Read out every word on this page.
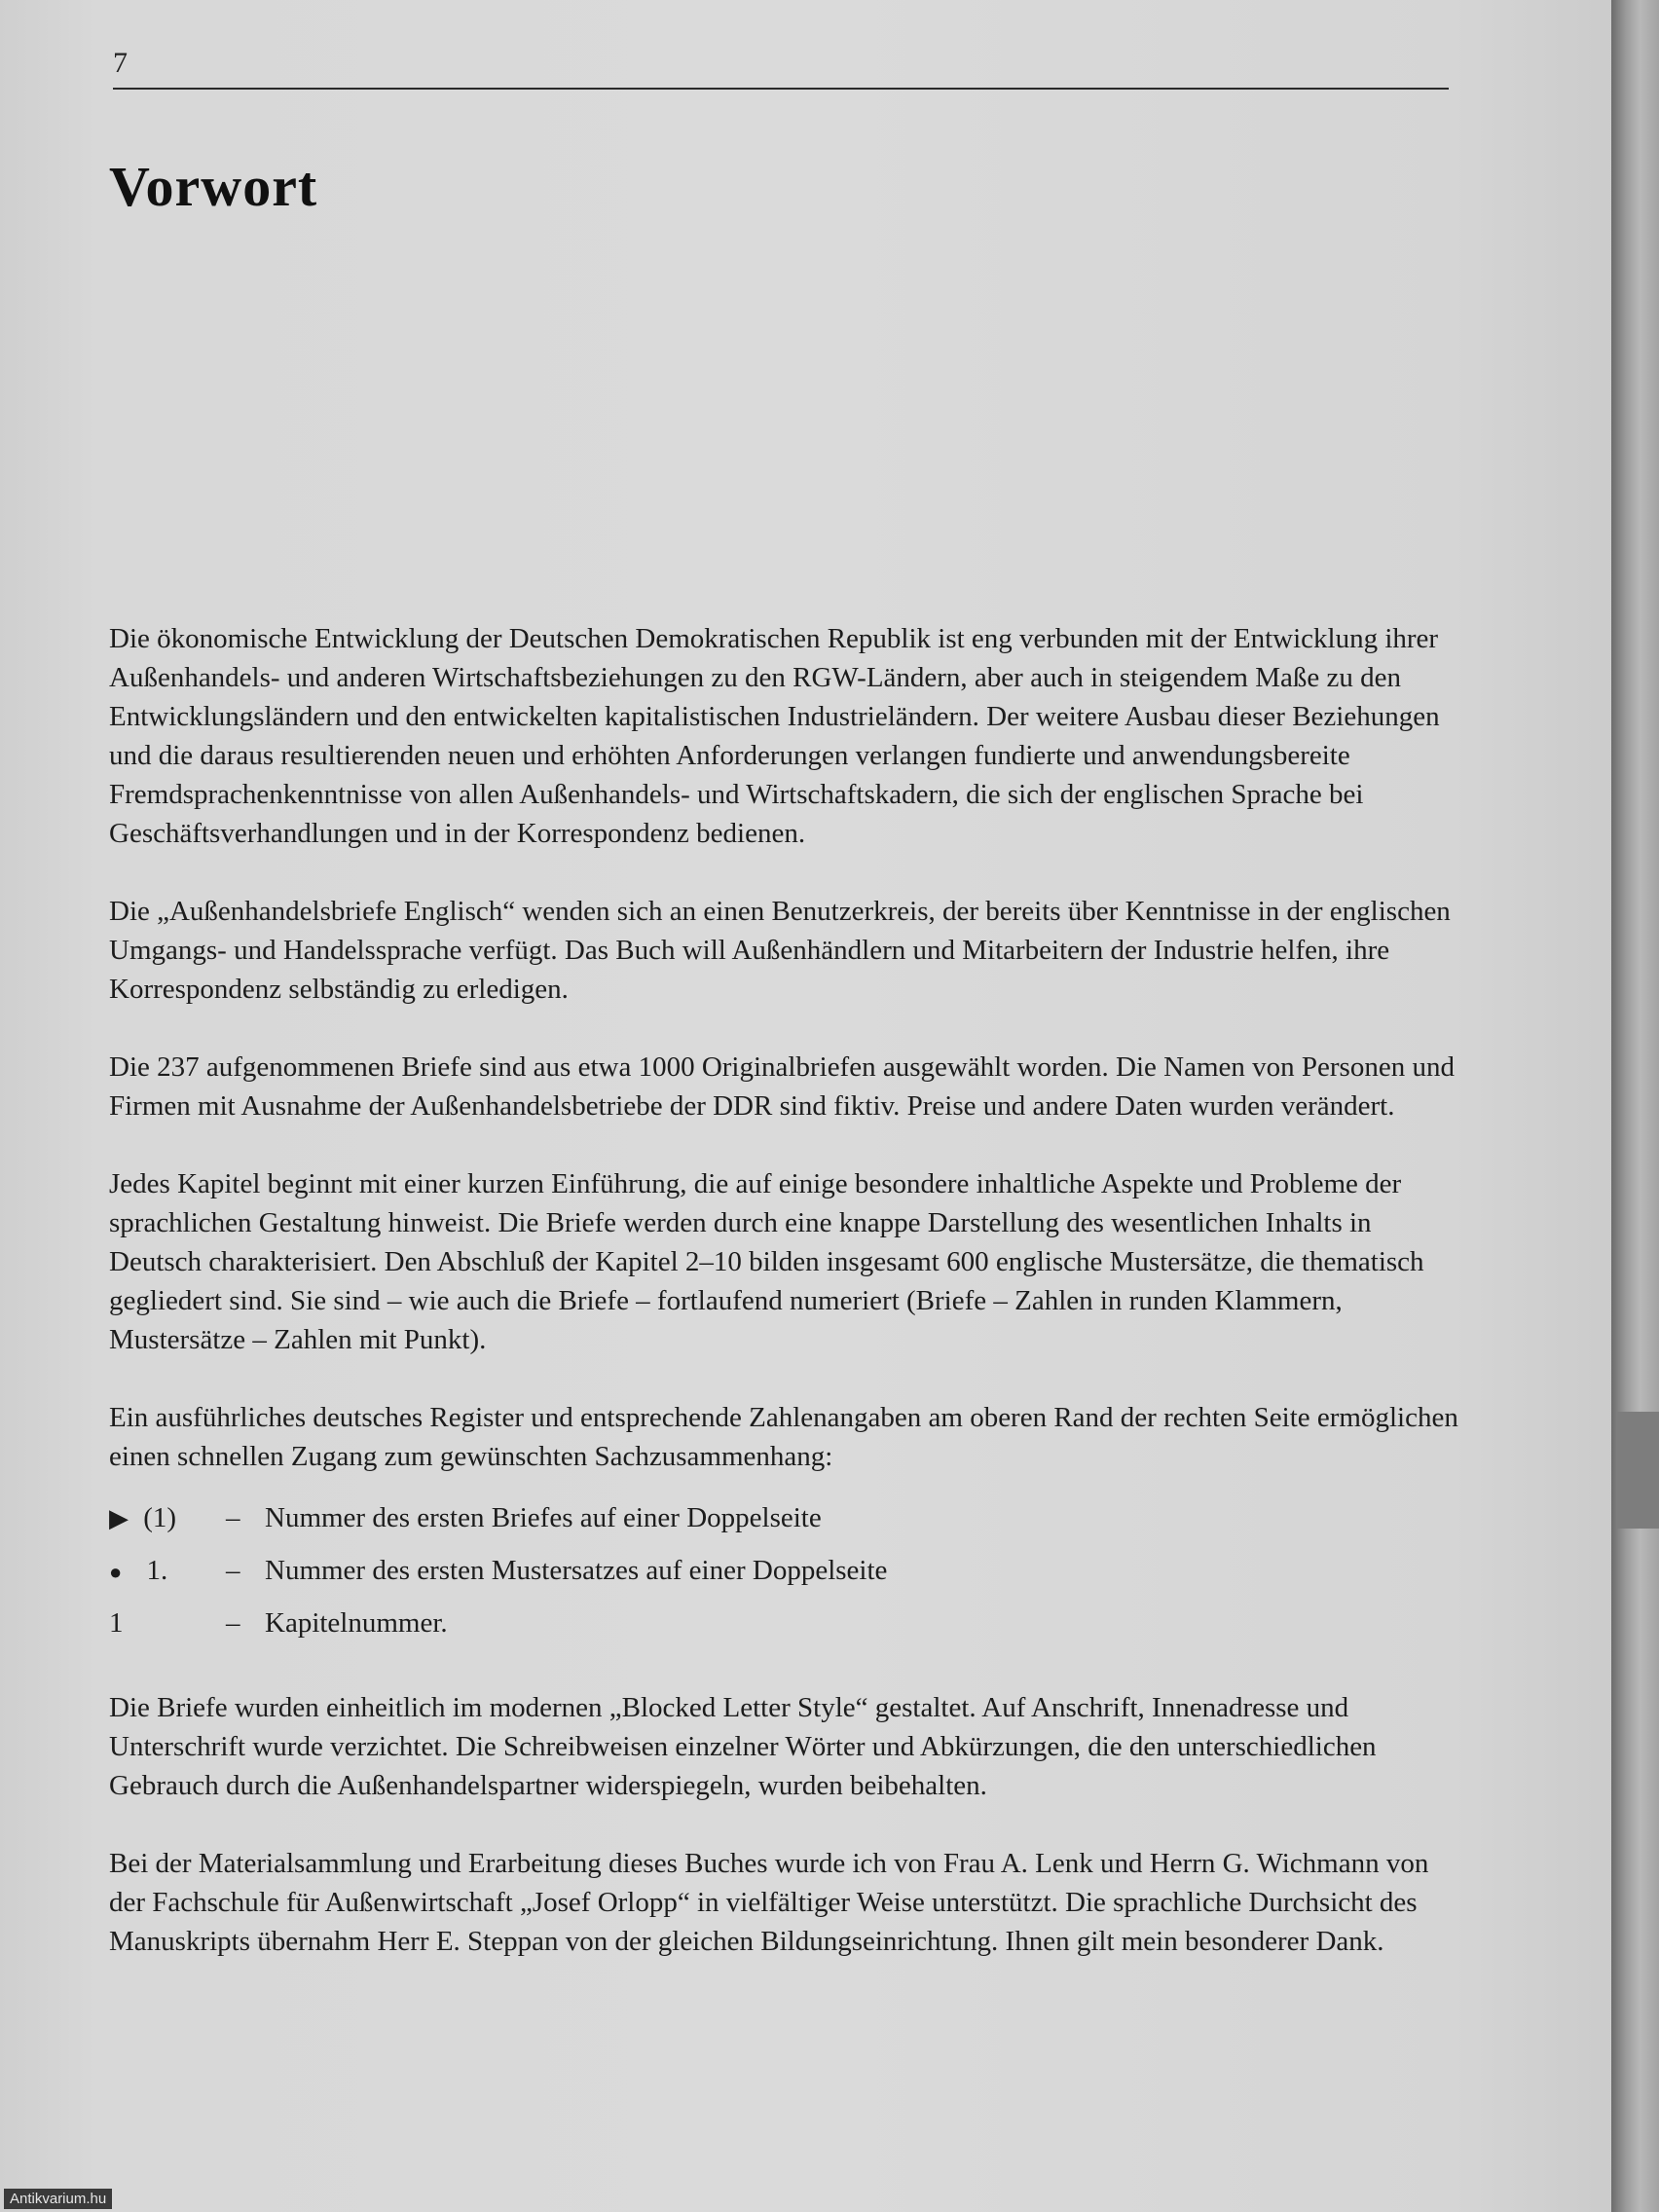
7
Vorwort

Die ökonomische Entwicklung der Deutschen Demokratischen Republik ist eng verbunden mit der Entwicklung ihrer Außenhandels- und anderen Wirtschaftsbeziehungen zu den RGW-Ländern, aber auch in steigendem Maße zu den Entwicklungsländern und den entwickelten kapitalistischen Industrieländern. Der weitere Ausbau dieser Beziehungen und die daraus resultierenden neuen und erhöhten Anforderungen verlangen fundierte und anwendungsbereite Fremdsprachenkenntnisse von allen Außenhandels- und Wirtschaftskadern, die sich der englischen Sprache bei Geschäftsverhandlungen und in der Korrespondenz bedienen.

Die „Außenhandelsbriefe Englisch“ wenden sich an einen Benutzerkreis, der bereits über Kenntnisse in der englischen Umgangs- und Handelssprache verfügt. Das Buch will Außenhändlern und Mitarbeitern der Industrie helfen, ihre Korrespondenz selbständig zu erledigen.

Die 237 aufgenommenen Briefe sind aus etwa 1000 Originalbriefen ausgewählt worden. Die Namen von Personen und Firmen mit Ausnahme der Außenhandelsbetriebe der DDR sind fiktiv. Preise und andere Daten wurden verändert.

Jedes Kapitel beginnt mit einer kurzen Einführung, die auf einige besondere inhaltliche Aspekte und Probleme der sprachlichen Gestaltung hinweist. Die Briefe werden durch eine knappe Darstellung des wesentlichen Inhalts in Deutsch charakterisiert. Den Abschluß der Kapitel 2–10 bilden insgesamt 600 englische Mustersätze, die thematisch gegliedert sind. Sie sind – wie auch die Briefe – fortlaufend numeriert (Briefe – Zahlen in runden Klammern, Mustersätze – Zahlen mit Punkt).

Ein ausführliches deutsches Register und entsprechende Zahlenangaben am oberen Rand der rechten Seite ermöglichen einen schnellen Zugang zum gewünschten Sachzusammenhang:

▶ (1)	– Nummer des ersten Briefes auf einer Doppelseite
● 1.	– Nummer des ersten Mustersatzes auf einer Doppelseite
1	– Kapitelnummer.

Die Briefe wurden einheitlich im modernen „Blocked Letter Style“ gestaltet. Auf Anschrift, Innenadresse und Unterschrift wurde verzichtet. Die Schreibweisen einzelner Wörter und Abkürzungen, die den unterschiedlichen Gebrauch durch die Außenhandelspartner widerspiegeln, wurden beibehalten.

Bei der Materialsammlung und Erarbeitung dieses Buches wurde ich von Frau A. Lenk und Herrn G. Wichmann von der Fachschule für Außenwirtschaft „Josef Orlopp“ in vielfältiger Weise unterstützt. Die sprachliche Durchsicht des Manuskripts übernahm Herr E. Steppan von der gleichen Bildungseinrichtung. Ihnen gilt mein besonderer Dank.

Antikvarium.hu
